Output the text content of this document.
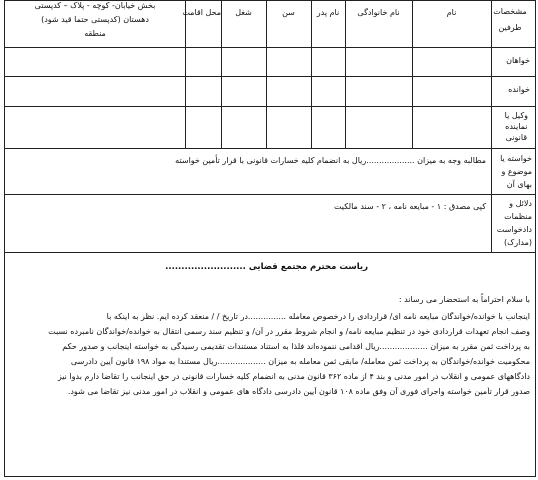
مشخصات
طرفین
نام
نام خانوادگی
نام پدر
سن
شغل
محل اقامت
بخش خیابان- کوچه - پلاک – کدپستی
دهستان (کدپستی حتما قید شود)
منطقه
خواهان
خوانده
وکیل یا
نماینده
قانونی
خواسته یا
موضوع و
بهای آن
مطالبه وجه به میزان ...................ریال به انضمام کلیه خسارات قانونی با قرار تأمین خواسته
دلائل و
منظمات
دادخواست
(مدارک)
کپی مصدق : ۱ - مبایعه نامه ، ۲ - سند مالکیت
ریاست محترم مجتمع قضایی .........................
با سلام احتراماً به استحضار می رساند :
اینجانب با خوانده/خواندگان مبایعه نامه ای/ قراردادی را درخصوص معامله ...............در تاریخ / / منعقد کرده ایم. نظر به اینکه با
وصف انجام تعهدات قراردادی خود در تنظیم مبایعه نامه/ و انجام شروط مقرر در آن/ و تنظیم سند رسمی انتقال به خوانده/خواندگان نامبرده نسبت
به پرداخت ثمن مقرر به میزان ...................ریال اقدامی ننموده‌اند فلذا به استناد مستندات تقدیمی رسیدگی به خواسته اینجانب و صدور حکم
محکومیت خوانده/خواندگان به پرداخت ثمن معامله/ مابقی ثمن معامله به میزان ...................ریال مستنداً به مواد ۱۹۸ قانون آیین دادرسی
دادگاههای عمومی و انقلاب در امور مدنی و بند ۴ از ماده ۳۶۲ قانون مدنی به انضمام کلیه خسارات قانونی در حق اینجانب را تقاضا دارم بدواً نیز
صدور قرار تأمین خواسته واجرای فوری آن وفق ماده ۱۰۸ قانون آیین دادرسی دادگاه های عمومی و انقلاب در امور مدنی نیز تقاضا می شود.
